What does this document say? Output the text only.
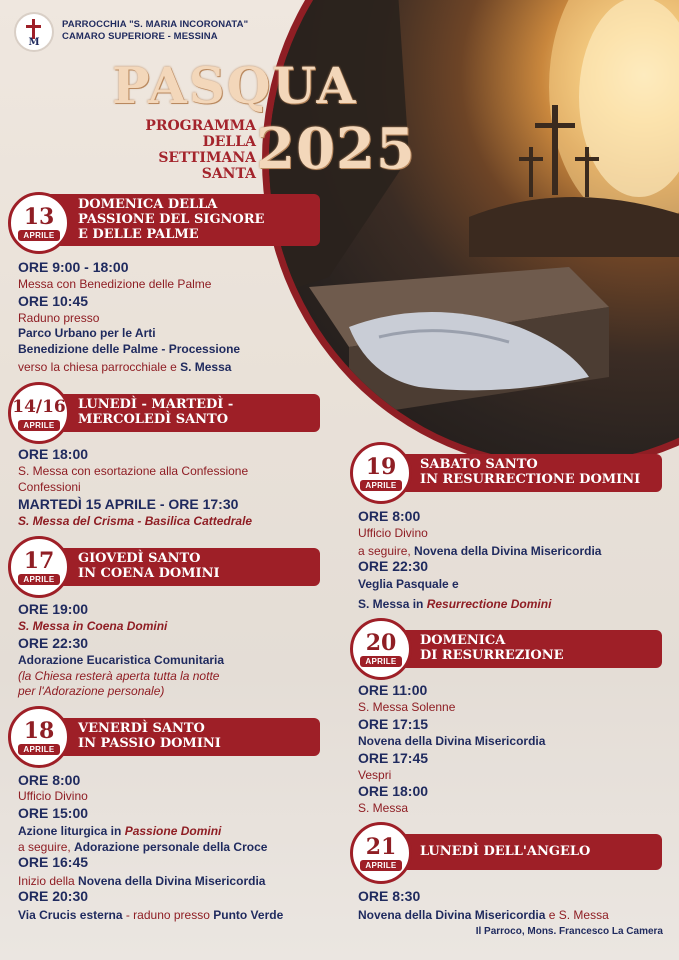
M
PARROCCHIA "S. MARIA INCORONATA"
CAMARO SUPERIORE - MESSINA
PASQUA
PROGRAMMA
DELLA
SETTIMANA
SANTA 2025
DOMENICA DELLA
PASSIONE DEL SIGNORE
E DELLE PALME
13
APRILE
ORE 9:00 - 18:00
Messa con Benedizione delle Palme
ORE 10:45
Raduno presso
Parco Urbano per le Arti
Benedizione delle Palme - Processione
verso la chiesa parrocchiale e S. Messa
LUNEDÌ - MARTEDÌ -
MERCOLEDÌ SANTO
14/16
APRILE
ORE 18:00
S. Messa con esortazione alla Confessione
Confessioni
MARTEDÌ 15 APRILE - ORE 17:30
S. Messa del Crisma - Basilica Cattedrale
GIOVEDÌ SANTO
IN COENA DOMINI
17
APRILE
ORE 19:00
S. Messa in Coena Domini
ORE 22:30
Adorazione Eucaristica Comunitaria
(la Chiesa resterà aperta tutta la notte
per l'Adorazione personale)
VENERDÌ SANTO
IN PASSIO DOMINI
18
APRILE
ORE 8:00
Ufficio Divino
ORE 15:00
Azione liturgica in Passione Domini
a seguire, Adorazione personale della Croce
ORE 16:45
Inizio della Novena della Divina Misericordia
ORE 20:30
Via Crucis esterna - raduno presso Punto Verde
SABATO SANTO
IN RESURRECTIONE DOMINI
19
APRILE
ORE 8:00
Ufficio Divino
a seguire, Novena della Divina Misericordia
ORE 22:30
Veglia Pasquale e
S. Messa in Resurrectione Domini
DOMENICA
DI RESURREZIONE
20
APRILE
ORE 11:00
S. Messa Solenne
ORE 17:15
Novena della Divina Misericordia
ORE 17:45
Vespri
ORE 18:00
S. Messa
LUNEDÌ DELL'ANGELO
21
APRILE
ORE 8:30
Novena della Divina Misericordia e S. Messa
Il Parroco, Mons. Francesco La Camera
